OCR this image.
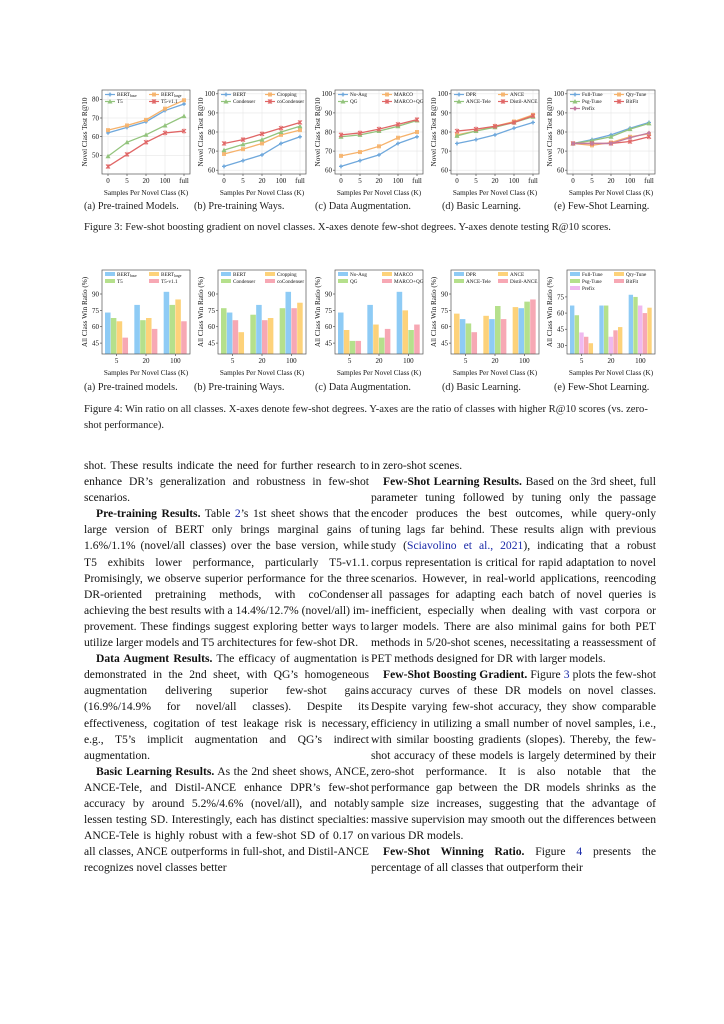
Novel Class Test R@10 50
60
70
80
0 5 20 100 full
Samples Per Novel Class (K)
BERTbase	BERTlarge
T5	T5-v1.1	Novel Class Test R@10
60
70
80
90
100
0 5 20 100 full
Samples Per Novel Class (K)
BERT	Cropping
Condenser	coCondenser Novel Class Test R@10
60
70
80
90
100
0 5 20 100 full
Samples Per Novel Class (K)
No-Aug	MARCO
QG	MARCO+QG Novel Class Test R@10
60
70
80
90
100
0 5 20 100 full
Samples Per Novel Class (K)
DPR	ANCE
ANCE-Tele	Distil-ANCE Novel Class Test R@10
60
70
80
90
100
0 5 20 100 full
Samples Per Novel Class (K)
Full-Tune	Qry-Tune
Psg-Tune	BitFit
Prefix
(a) Pre-trained Models.	(b) Pre-training Ways.	(c) Data Augmentation.	(d) Basic Learning.	(e) Few-Shot Learning.
Figure 3: Few-shot boosting gradient on novel classes. X-axes denote few-shot degrees. Y-axes denote testing R@10 scores.
All Class Win Ratio (%) 45
60
75
90
5	20	100
Samples Per Novel Class (K)
BERTbase	BERTlarge
T5	T5-v1.1	All Class Win Ratio (%) 45
60
75
90
5	20	100
Samples Per Novel Class (K)
BERT	Cropping
Condenser	coCondenser All Class Win Ratio (%) 45
60
75
90
5	20	100
Samples Per Novel Class (K)
No-Aug	MARCO
QG	MARCO+QG All Class Win Ratio (%) 45
60
75
90
5	20	100
Samples Per Novel Class (K)
DPR	ANCE
ANCE-Tele	Distil-ANCE All Class Win Ratio (%) 30
45
60
75
5	20	100
Samples Per Novel Class (K)
Full-Tune	Qry-Tune
Psg-Tune	BitFit
Prefix
(a) Pre-trained models.	(b) Pre-training Ways.	(c) Data Augmentation.	(d) Basic Learning.	(e) Few-Shot Learning.
Figure 4: Win ratio on all classes. X-axes denote few-shot degrees. Y-axes are the ratio of classes with higher R@10 scores (vs. zero-shot performance).

shot. These results indicate the need for further research to enhance DR’s generalization and robustness in few-shot scenarios.

Pre-training Results. Table 2’s 1st sheet shows that the large version of BERT only brings marginal gains of 1.6%/1.1% (novel/all classes) over the base version, while T5 exhibits lower performance, particularly T5-v1.1. Promisingly, we observe superior performance for the three DR-oriented pretraining methods, with coCondenser achieving the best results with a 14.4%/12.7% (novel/all) improvement. These findings suggest exploring better ways to utilize larger models and T5 architectures for few-shot DR.

Data Augment Results. The efficacy of augmentation is demonstrated in the 2nd sheet, with QG’s homogeneous augmentation delivering superior few-shot gains (16.9%/14.9% for novel/all classes). Despite its effectiveness, cogitation of test leakage risk is necessary, e.g., T5’s implicit augmentation and QG’s indirect augmentation.

Basic Learning Results. As the 2nd sheet shows, ANCE, ANCE-Tele, and Distil-ANCE enhance DPR’s few-shot accuracy by around 5.2%/4.6% (novel/all), and notably lessen testing SD. Interestingly, each has distinct specialties: ANCE-Tele is highly robust with a few-shot SD of 0.17 on all classes, ANCE outperforms in full-shot, and Distil-ANCE recognizes novel classes better

in zero-shot scenes.

Few-Shot Learning Results. Based on the 3rd sheet, full parameter tuning followed by tuning only the passage encoder produces the best outcomes, while query-only tuning lags far behind. These results align with previous study (Sciavolino et al., 2021), indicating that a robust corpus representation is critical for rapid adaptation to novel scenarios. However, in real-world applications, reencoding all passages for adapting each batch of novel queries is inefficient, especially when dealing with vast corpora or larger models. There are also minimal gains for both PET methods in 5/20-shot scenes, necessitating a reassessment of PET methods designed for DR with larger models.

Few-Shot Boosting Gradient. Figure 3 plots the few-shot accuracy curves of these DR models on novel classes. Despite varying few-shot accuracy, they show comparable efficiency in utilizing a small number of novel samples, i.e., with similar boosting gradients (slopes). Thereby, the few-shot accuracy of these models is largely determined by their zero-shot performance. It is also notable that the performance gap between the DR models shrinks as the sample size increases, suggesting that the advantage of massive supervision may smooth out the differences between various DR models.

Few-Shot Winning Ratio. Figure 4 presents the percentage of all classes that outperform their
